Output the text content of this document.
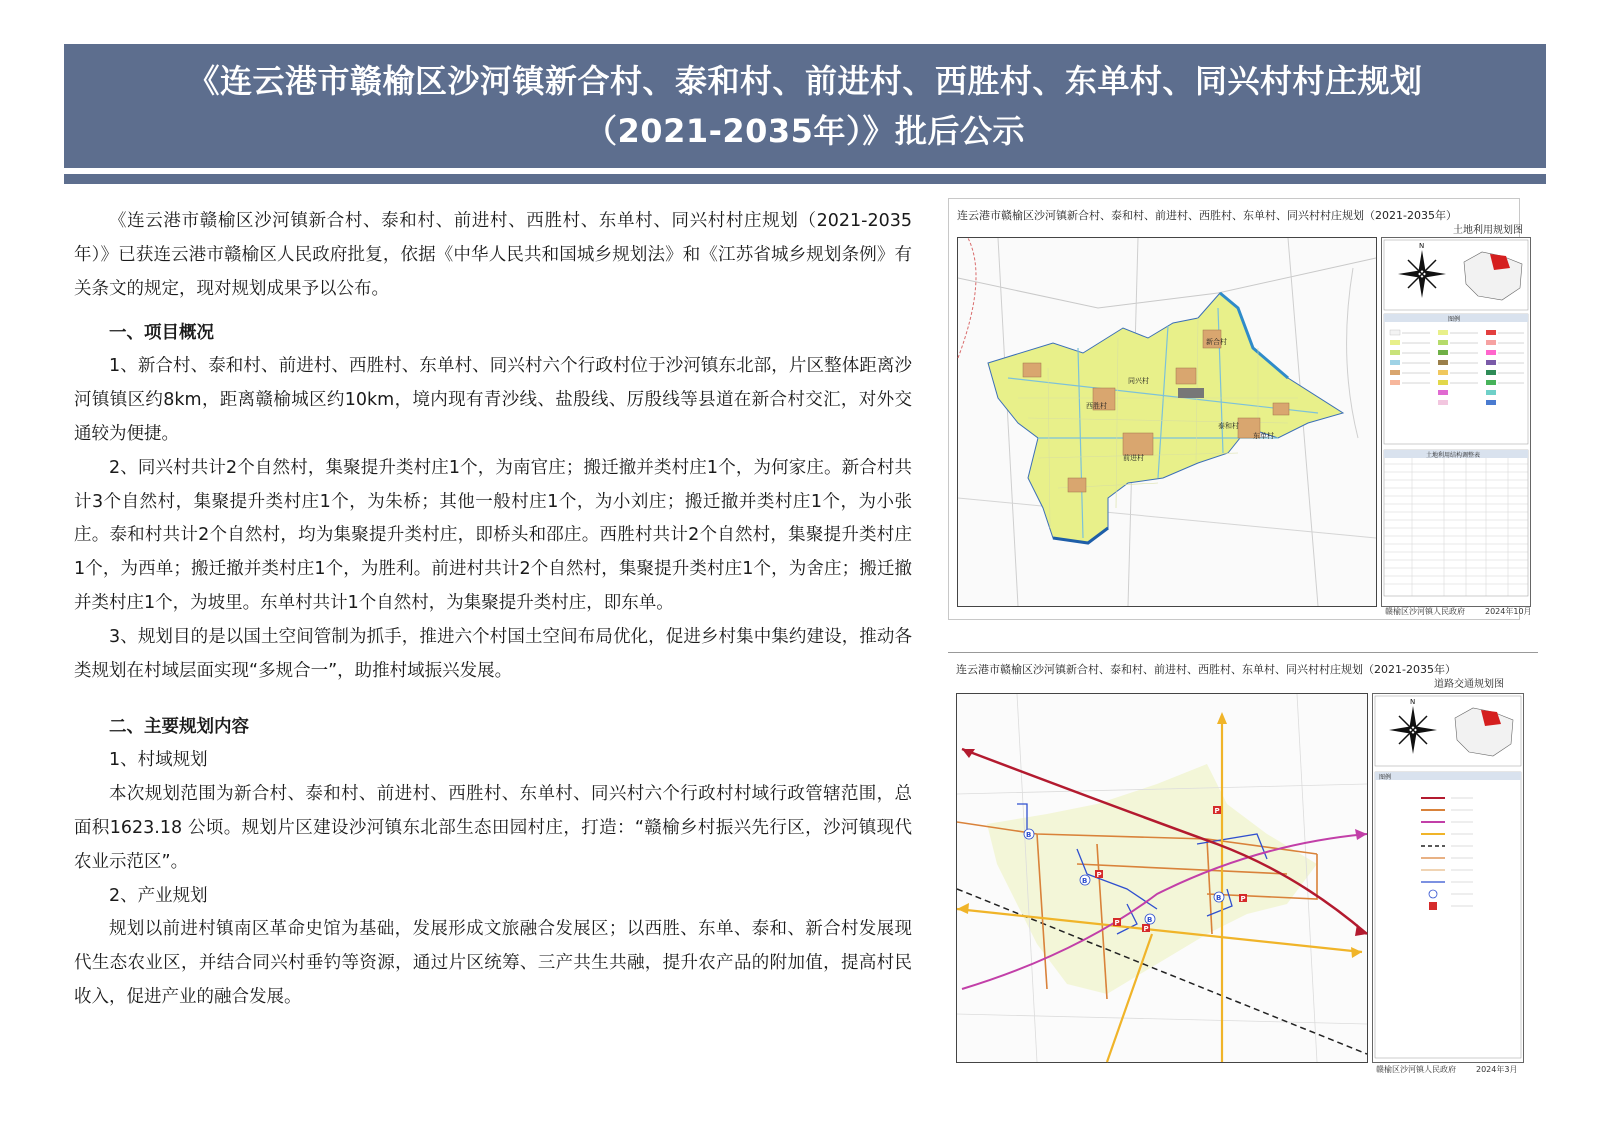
《连云港市赣榆区沙河镇新合村、泰和村、前进村、西胜村、东单村、同兴村村庄规划
（2021-2035年）》批后公示

《连云港市赣榆区沙河镇新合村、泰和村、前进村、西胜村、东单村、同兴村村庄规划（2021-2035年）》已获连云港市赣榆区人民政府批复，依据《中华人民共和国城乡规划法》和《江苏省城乡规划条例》有关条文的规定，现对规划成果予以公布。

一、项目概况

1、新合村、泰和村、前进村、西胜村、东单村、同兴村六个行政村位于沙河镇东北部，片区整体距离沙河镇镇区约8km，距离赣榆城区约10km，境内现有青沙线、盐殷线、厉殷线等县道在新合村交汇，对外交通较为便捷。

2、同兴村共计2个自然村，集聚提升类村庄1个，为南官庄；搬迁撤并类村庄1个，为何家庄。新合村共计3个自然村，集聚提升类村庄1个，为朱桥；其他一般村庄1个，为小刘庄；搬迁撤并类村庄1个，为小张庄。泰和村共计2个自然村，均为集聚提升类村庄，即桥头和邵庄。西胜村共计2个自然村，集聚提升类村庄1个，为西单；搬迁撤并类村庄1个，为胜利。前进村共计2个自然村，集聚提升类村庄1个，为舍庄；搬迁撤并类村庄1个，为坡里。东单村共计1个自然村，为集聚提升类村庄，即东单。

3、规划目的是以国土空间管制为抓手，推进六个村国土空间布局优化，促进乡村集中集约建设，推动各类规划在村域层面实现“多规合一”，助推村域振兴发展。

二、主要规划内容

1、村域规划

本次规划范围为新合村、泰和村、前进村、西胜村、东单村、同兴村六个行政村村域行政管辖范围，总面积1623.18 公顷。规划片区建设沙河镇东北部生态田园村庄，打造：“赣榆乡村振兴先行区，沙河镇现代农业示范区”。

2、产业规划

规划以前进村镇南区革命史馆为基础，发展形成文旅融合发展区；以西胜、东单、泰和、新合村发展现代生态农业区，并结合同兴村垂钓等资源，通过片区统筹、三产共生共融，提升农产品的附加值，提高村民收入，促进产业的融合发展。

连云港市赣榆区沙河镇新合村、泰和村、前进村、西胜村、东单村、同兴村村庄规划（2021-2035年）
土地利用规划图
新合村
西胜村
泰和村
前进村
东单村
同兴村
N
图例
土地利用结构调整表
赣榆区沙河镇人民政府	2024年10月
连云港市赣榆区沙河镇新合村、泰和村、前进村、西胜村、东单村、同兴村村庄规划（2021-2035年）
道路交通规划图
P
P
P
P
P
B
B
B
B
N
图例
赣榆区沙河镇人民政府	2024年3月
